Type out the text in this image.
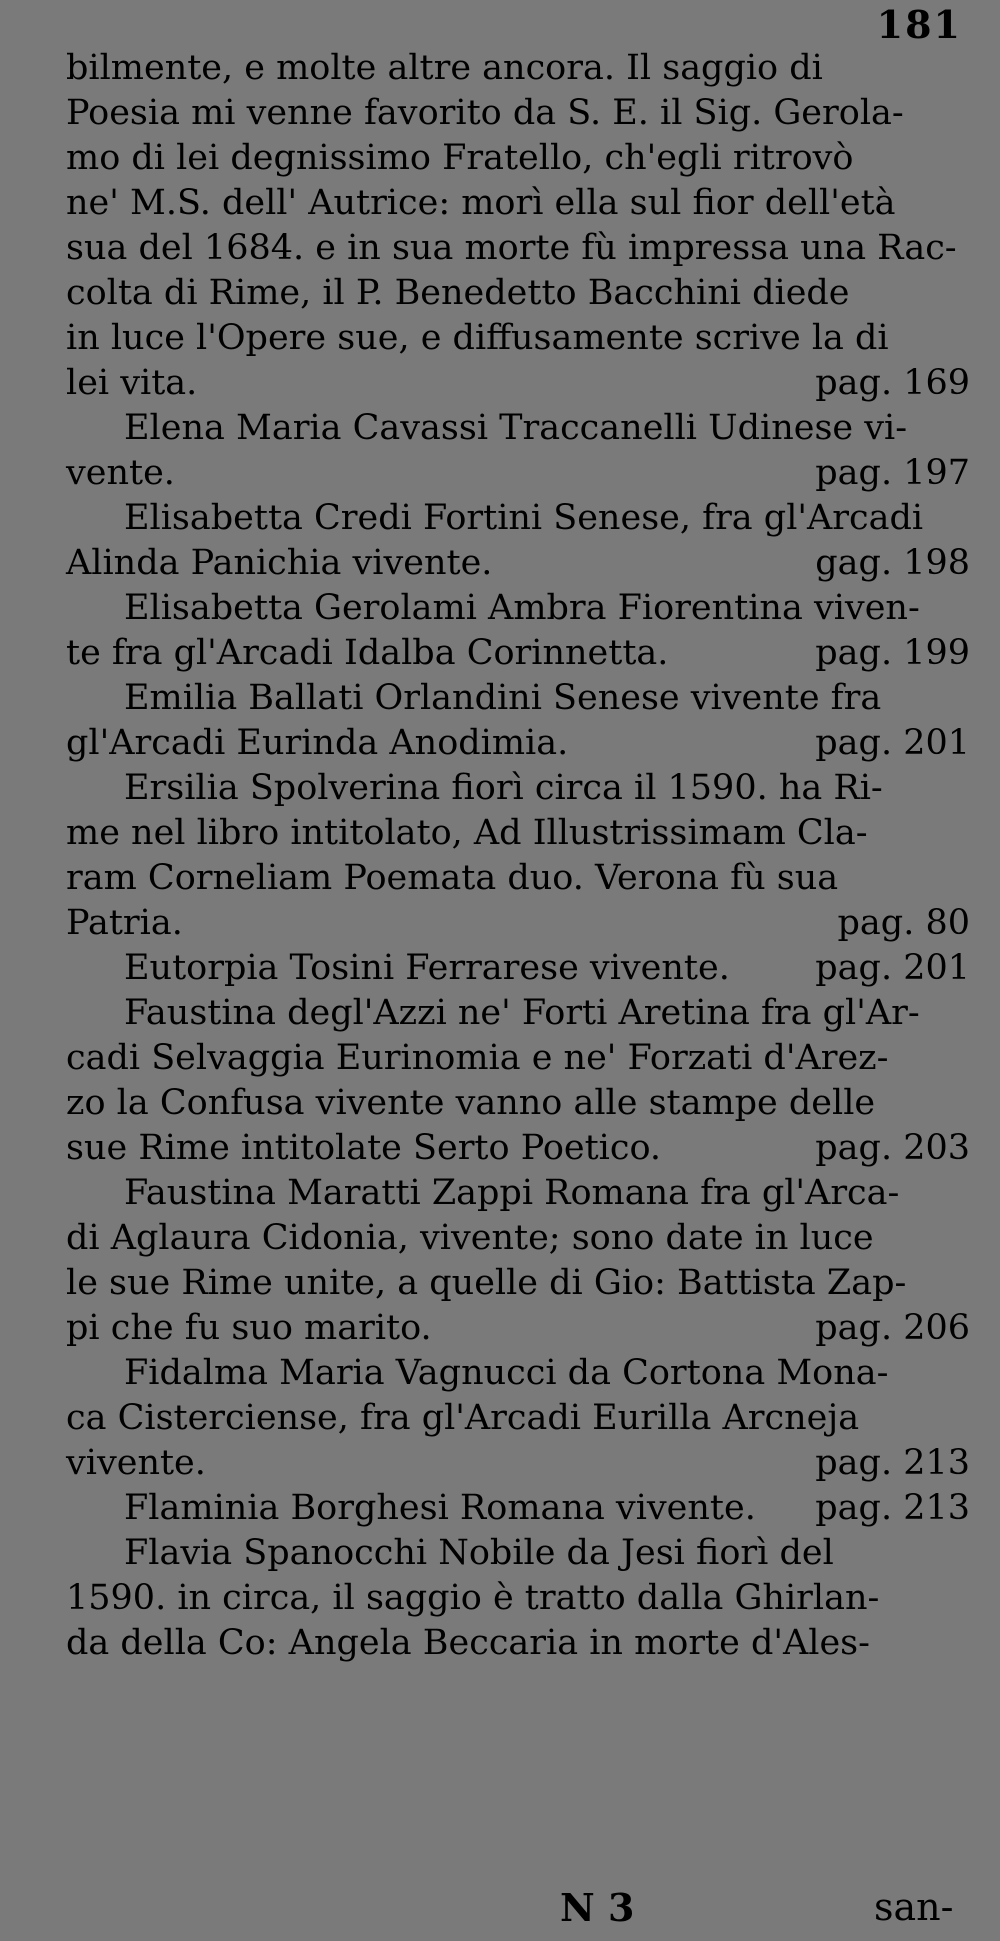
181
bilmente, e molte altre ancora. Il saggio di
Poesia mi venne favorito da S. E. il Sig. Gerola-
mo di lei degnissimo Fratello, ch'egli ritrovò
ne' M.S. dell' Autrice: morì ella sul fior dell'età
sua del 1684. e in sua morte fù impressa una Rac-
colta di Rime, il P. Benedetto Bacchini diede
in luce l'Opere sue, e diffusamente scrive la di
lei vita.	pag. 169
Elena Maria Cavassi Traccanelli Udinese vi-
vente.	pag. 197
Elisabetta Credi Fortini Senese, fra gl'Arcadi
Alinda Panichia vivente.	gag. 198
Elisabetta Gerolami Ambra Fiorentina viven-
te fra gl'Arcadi Idalba Corinnetta.	pag. 199
Emilia Ballati Orlandini Senese vivente fra
gl'Arcadi Eurinda Anodimia.	pag. 201
Ersilia Spolverina fiorì circa il 1590. ha Ri-
me nel libro intitolato, Ad Illustrissimam Cla-
ram Corneliam Poemata duo. Verona fù sua
Patria.	pag. 80
Eutorpia Tosini Ferrarese vivente. pag. 201
Faustina degl'Azzi ne' Forti Aretina fra gl'Ar-
cadi Selvaggia Eurinomia e ne' Forzati d'Arez-
zo la Confusa vivente vanno alle stampe delle
sue Rime intitolate Serto Poetico.	pag. 203
Faustina Maratti Zappi Romana fra gl'Arca-
di Aglaura Cidonia, vivente; sono date in luce
le sue Rime unite, a quelle di Gio: Battista Zap-
pi che fu suo marito.	pag. 206
Fidalma Maria Vagnucci da Cortona Mona-
ca Cisterciense, fra gl'Arcadi Eurilla Arcneja
vivente.	pag. 213
Flaminia Borghesi Romana vivente. pag. 213
Flavia Spanocchi Nobile da Jesi fiorì del
1590. in circa, il saggio è tratto dalla Ghirlan-
da della Co: Angela Beccaria in morte d'Ales-
N 3	san-
